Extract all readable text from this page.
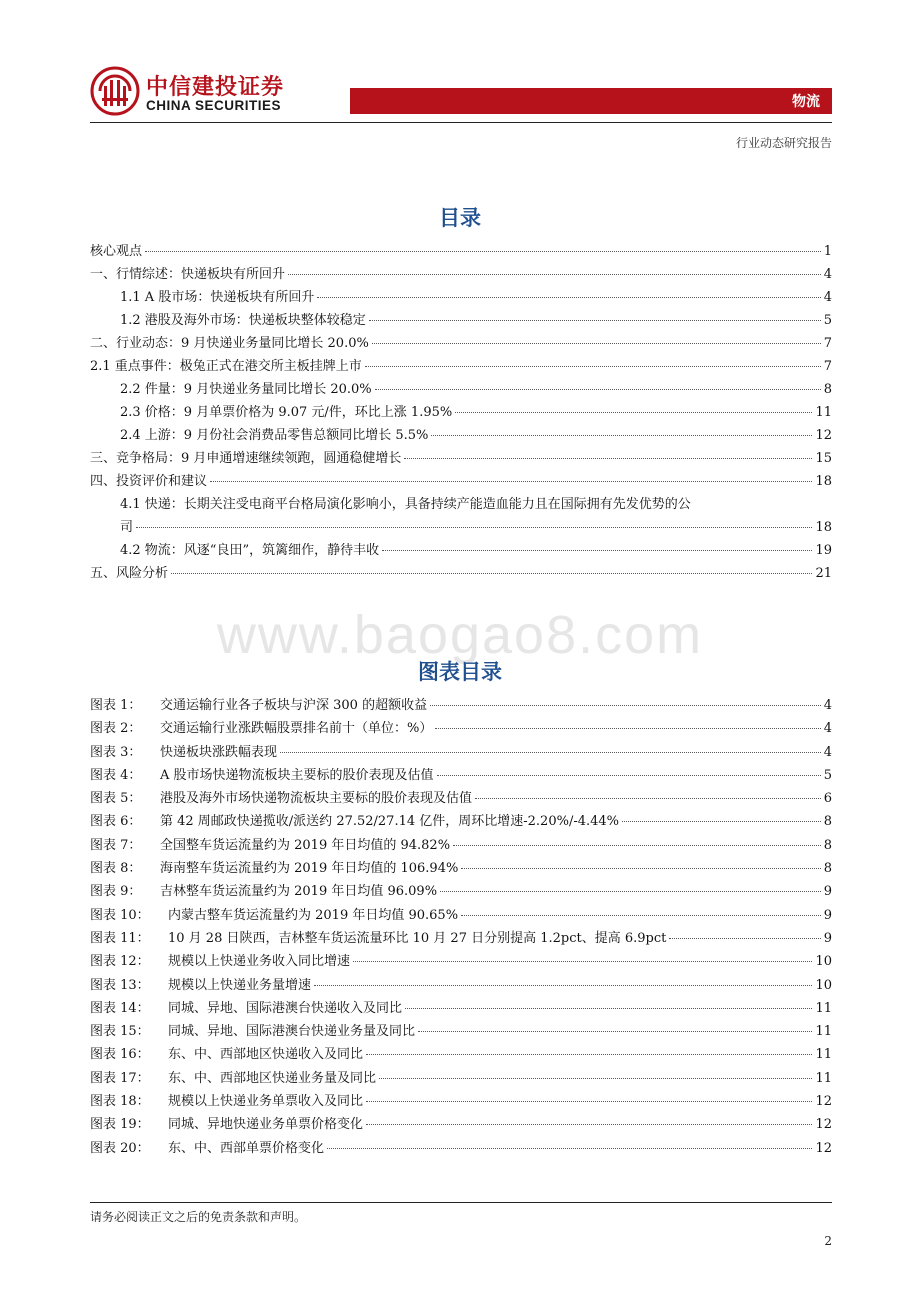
中信建投证券
CHINA SECURITIES	物流
行业动态研究报告
www.baogao8.com
目录
核心观点	1
一、行情综述：快递板块有所回升	4
1.1 A 股市场：快递板块有所回升	4
1.2 港股及海外市场：快递板块整体较稳定	5
二、行业动态：9 月快递业务量同比增长 20.0%	7
2.1 重点事件：极兔正式在港交所主板挂牌上市	7
2.2 件量：9 月快递业务量同比增长 20.0%	8
2.3 价格：9 月单票价格为 9.07 元/件，环比上涨 1.95%	11
2.4 上游：9 月份社会消费品零售总额同比增长 5.5%	12
三、竞争格局：9 月申通增速继续领跑，圆通稳健增长	15
四、投资评价和建议	18
4.1 快递：长期关注受电商平台格局演化影响小，具备持续产能造血能力且在国际拥有先发优势的公
司	18
4.2 物流：风逐“良田”，筑篱细作，静待丰收	19
五、风险分析	21
图表目录
图表 1：	交通运输行业各子板块与沪深 300 的超额收益	4
图表 2：	交通运输行业涨跌幅股票排名前十（单位：%）	4
图表 3：	快递板块涨跌幅表现	4
图表 4：	A 股市场快递物流板块主要标的股价表现及估值	5
图表 5：	港股及海外市场快递物流板块主要标的股价表现及估值	6
图表 6：	第 42 周邮政快递揽收/派送约 27.52/27.14 亿件，周环比增速-2.20%/-4.44%	8
图表 7：	全国整车货运流量约为 2019 年日均值的 94.82%	8
图表 8：	海南整车货运流量约为 2019 年日均值的 106.94%	8
图表 9：	吉林整车货运流量约为 2019 年日均值 96.09%	9
图表 10：	内蒙古整车货运流量约为 2019 年日均值 90.65%	9
图表 11：	10 月 28 日陕西，吉林整车货运流量环比 10 月 27 日分别提高 1.2pct、提高 6.9pct	9
图表 12：	规模以上快递业务收入同比增速	10
图表 13：	规模以上快递业务量增速	10
图表 14：	同城、异地、国际港澳台快递收入及同比	11
图表 15：	同城、异地、国际港澳台快递业务量及同比	11
图表 16：	东、中、西部地区快递收入及同比	11
图表 17：	东、中、西部地区快递业务量及同比	11
图表 18：	规模以上快递业务单票收入及同比	12
图表 19：	同城、异地快递业务单票价格变化	12
图表 20：	东、中、西部单票价格变化	12
请务必阅读正文之后的免责条款和声明。
2
